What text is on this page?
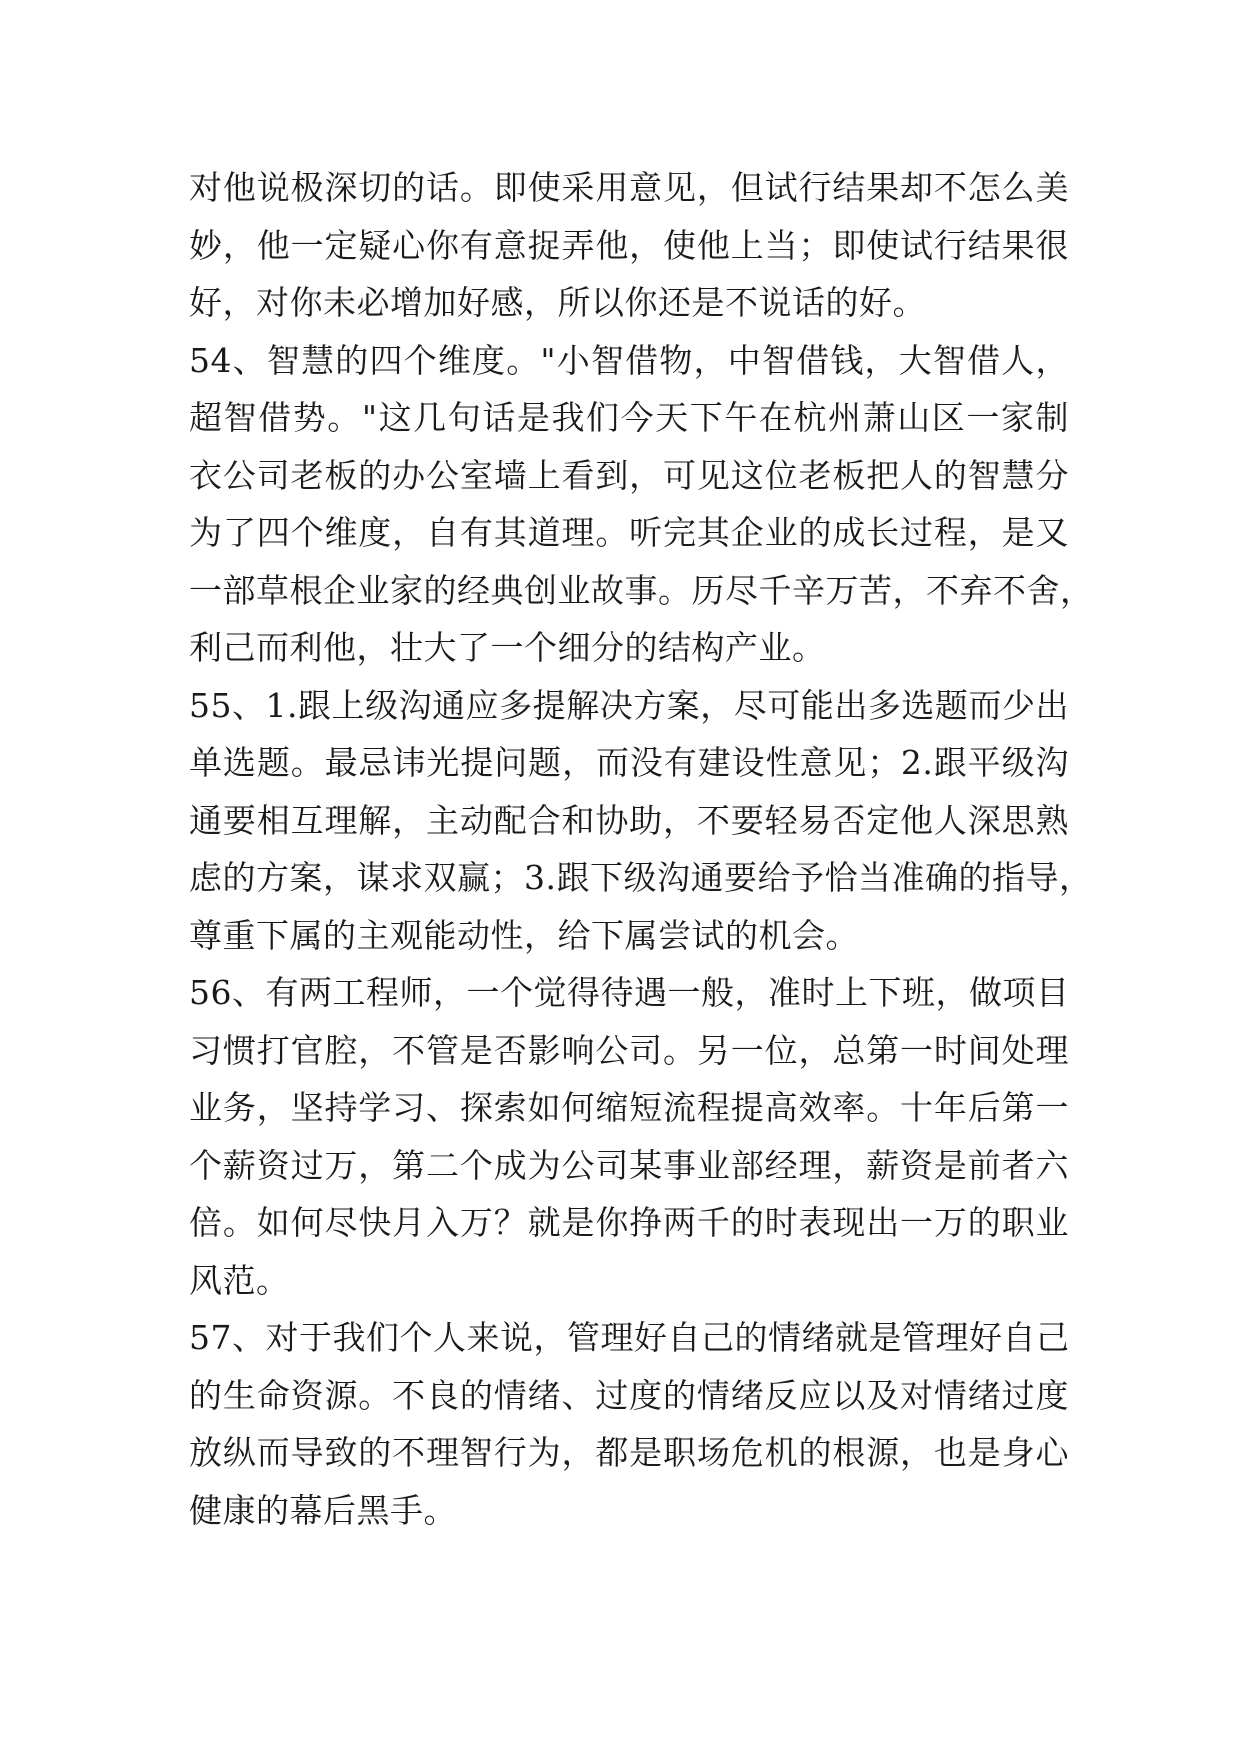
对他说极深切的话。即使采用意见，但试行结果却不怎么美
妙，他一定疑心你有意捉弄他，使他上当；即使试行结果很
好，对你未必增加好感，所以你还是不说话的好。
54、智慧的四个维度。"小智借物，中智借钱，大智借人，
超智借势。"这几句话是我们今天下午在杭州萧山区一家制
衣公司老板的办公室墙上看到，可见这位老板把人的智慧分
为了四个维度，自有其道理。听完其企业的成长过程，是又
一部草根企业家的经典创业故事。历尽千辛万苦，不弃不舍，
利己而利他，壮大了一个细分的结构产业。
55、1.跟上级沟通应多提解决方案，尽可能出多选题而少出
单选题。最忌讳光提问题，而没有建设性意见；2.跟平级沟
通要相互理解，主动配合和协助，不要轻易否定他人深思熟
虑的方案，谋求双赢；3.跟下级沟通要给予恰当准确的指导，
尊重下属的主观能动性，给下属尝试的机会。
56、有两工程师，一个觉得待遇一般，准时上下班，做项目
习惯打官腔，不管是否影响公司。另一位，总第一时间处理
业务，坚持学习、探索如何缩短流程提高效率。十年后第一
个薪资过万，第二个成为公司某事业部经理，薪资是前者六
倍。如何尽快月入万？就是你挣两千的时表现出一万的职业
风范。
57、对于我们个人来说，管理好自己的情绪就是管理好自己
的生命资源。不良的情绪、过度的情绪反应以及对情绪过度
放纵而导致的不理智行为，都是职场危机的根源，也是身心
健康的幕后黑手。
